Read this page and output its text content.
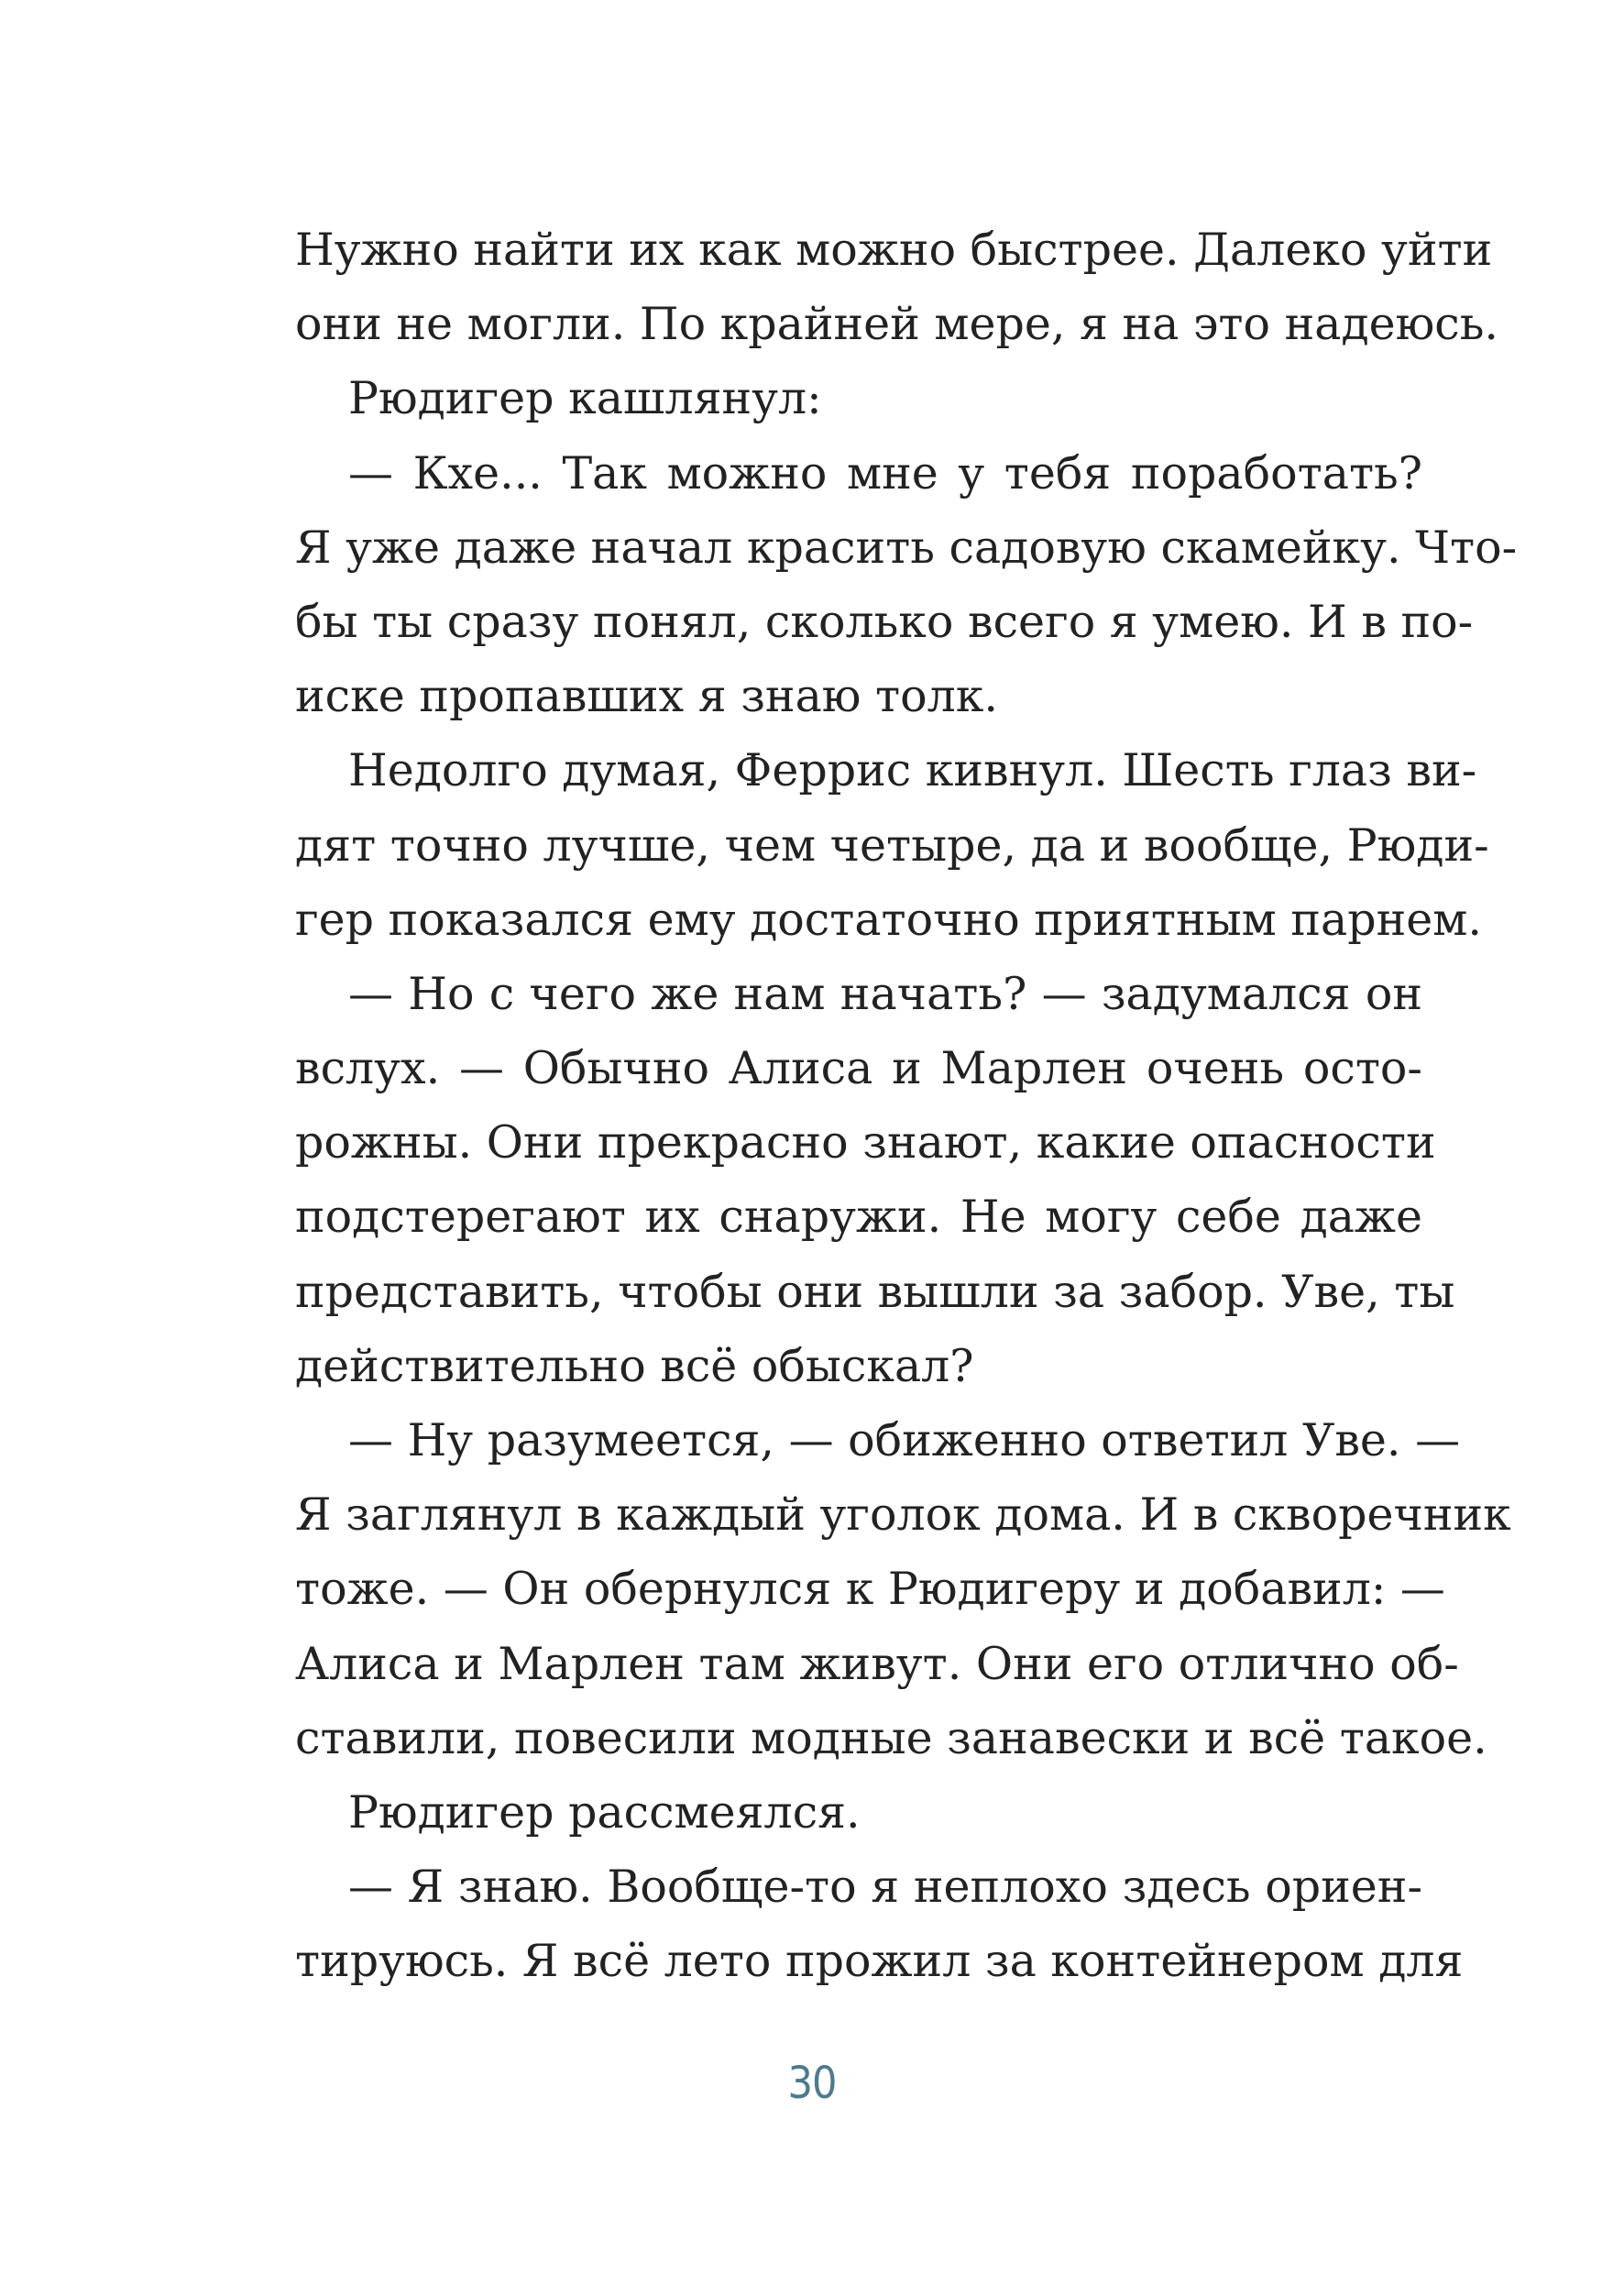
Нужно найти их как можно быстрее. Далеко уйти
они не могли. По крайней мере, я на это надеюсь.
Рюдигер кашлянул:
— Кхе... Так можно мне у тебя поработать?
Я уже даже начал красить садовую скамейку. Что-
бы ты сразу понял, сколько всего я умею. И в по-
иске пропавших я знаю толк.
Недолго думая, Феррис кивнул. Шесть глаз ви-
дят точно лучше, чем четыре, да и вообще, Рюди-
гер показался ему достаточно приятным парнем.
— Но с чего же нам начать? — задумался он
вслух. — Обычно Алиса и Марлен очень осто-
рожны. Они прекрасно знают, какие опасности
подстерегают их снаружи. Не могу себе даже
представить, чтобы они вышли за забор. Уве, ты
действительно всё обыскал?
— Ну разумеется, — обиженно ответил Уве. —
Я заглянул в каждый уголок дома. И в скворечник
тоже. — Он обернулся к Рюдигеру и добавил: —
Алиса и Марлен там живут. Они его отлично об-
ставили, повесили модные занавески и всё такое.
Рюдигер рассмеялся.
— Я знаю. Вообще-то я неплохо здесь ориен-
тируюсь. Я всё лето прожил за контейнером для
30
